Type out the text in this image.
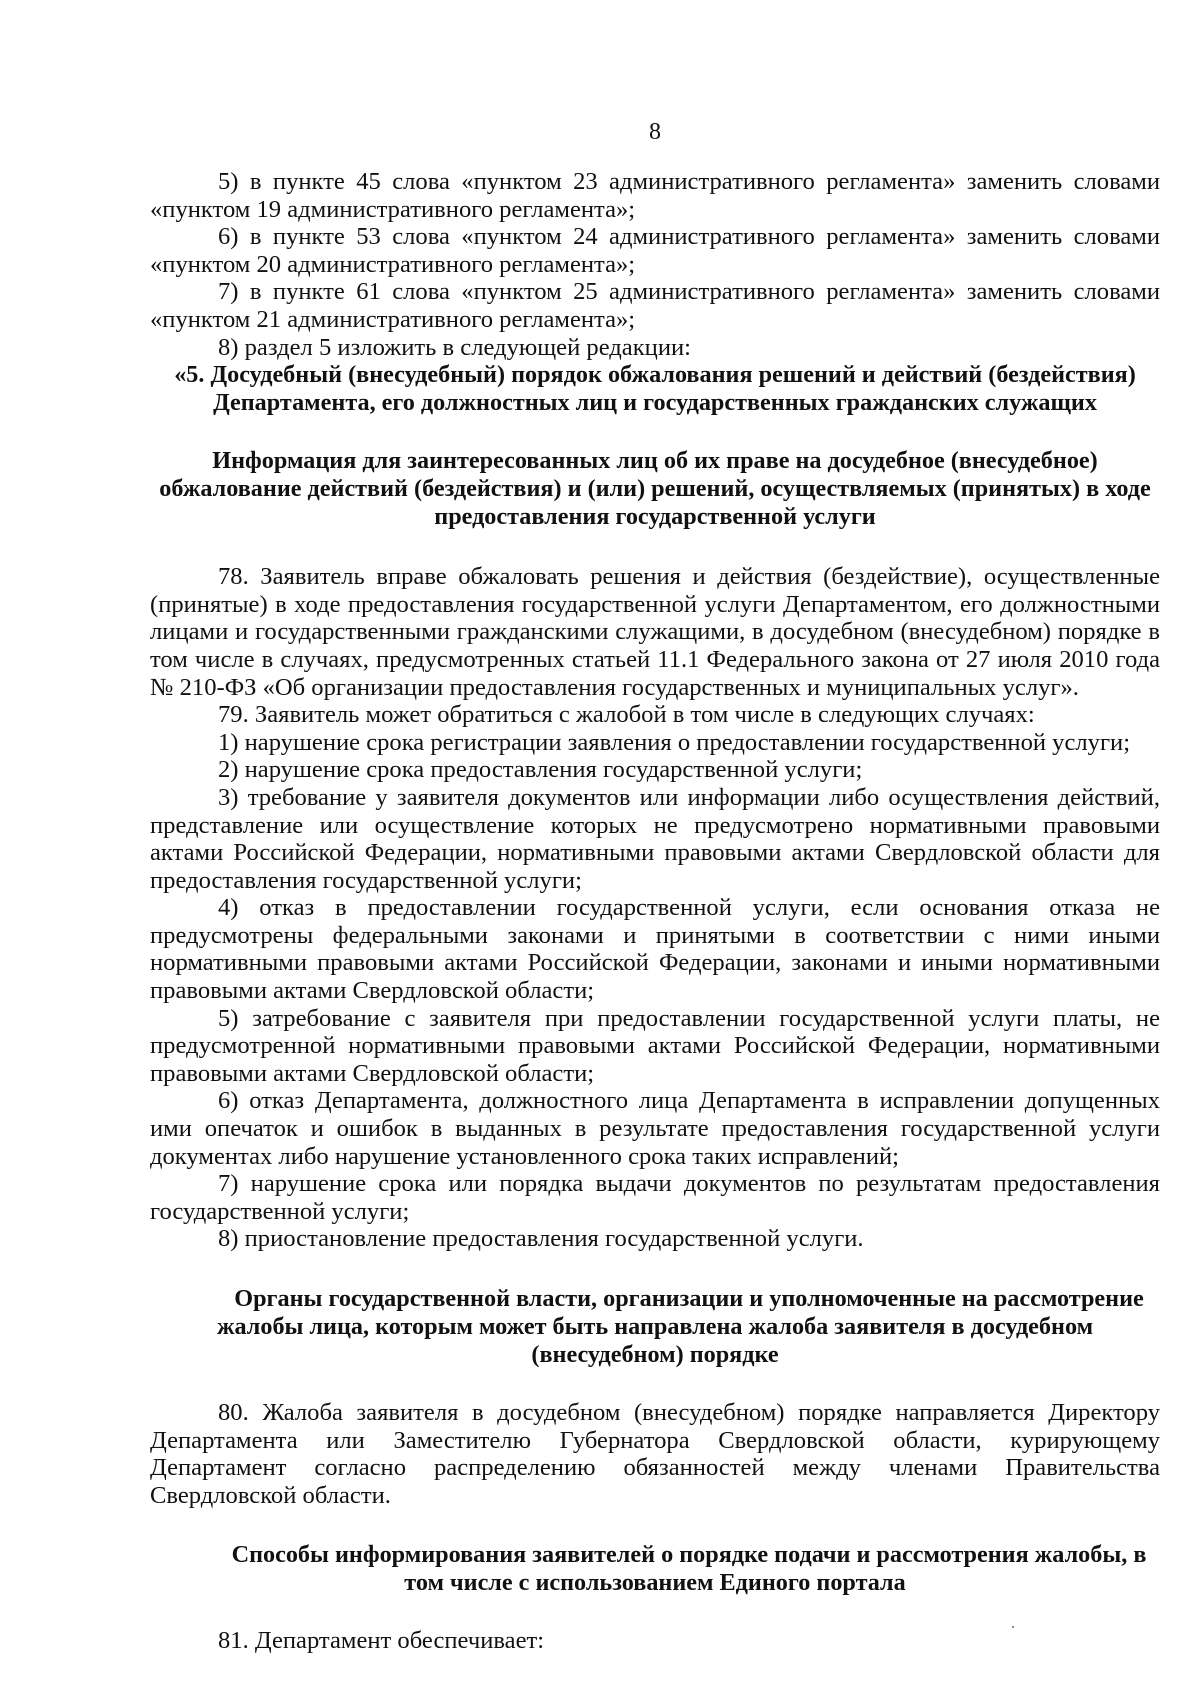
8

5) в пункте 45 слова «пунктом 23 административного регламента» заменить словами «пунктом 19 административного регламента»;

6) в пункте 53 слова «пунктом 24 административного регламента» заменить словами «пунктом 20 административного регламента»;

7) в пункте 61 слова «пунктом 25 административного регламента» заменить словами «пунктом 21 административного регламента»;

8) раздел 5 изложить в следующей редакции:

«5. Досудебный (внесудебный) порядок обжалования решений и действий (бездействия) Департамента, его должностных лиц и государственных гражданских служащих
Информация для заинтересованных лиц об их праве на досудебное (внесудебное) обжалование действий (бездействия) и (или) решений, осуществляемых (принятых) в ходе предоставления государственной услуги

78. Заявитель вправе обжаловать решения и действия (бездействие), осуществленные (принятые) в ходе предоставления государственной услуги Департаментом, его должностными лицами и государственными гражданскими служащими, в досудебном (внесудебном) порядке в том числе в случаях, предусмотренных статьей 11.1 Федерального закона от 27 июля 2010 года № 210-ФЗ «Об организации предоставления государственных и муниципальных услуг».

79. Заявитель может обратиться с жалобой в том числе в следующих случаях:

1) нарушение срока регистрации заявления о предоставлении государственной услуги;

2) нарушение срока предоставления государственной услуги;

3) требование у заявителя документов или информации либо осуществления действий, представление или осуществление которых не предусмотрено нормативными правовыми актами Российской Федерации, нормативными правовыми актами Свердловской области для предоставления государственной услуги;

4) отказ в предоставлении государственной услуги, если основания отказа не предусмотрены федеральными законами и принятыми в соответствии с ними иными нормативными правовыми актами Российской Федерации, законами и иными нормативными правовыми актами Свердловской области;

5) затребование с заявителя при предоставлении государственной услуги платы, не предусмотренной нормативными правовыми актами Российской Федерации, нормативными правовыми актами Свердловской области;

6) отказ Департамента, должностного лица Департамента в исправлении допущенных ими опечаток и ошибок в выданных в результате предоставления государственной услуги документах либо нарушение установленного срока таких исправлений;

7) нарушение срока или порядка выдачи документов по результатам предоставления государственной услуги;

8) приостановление предоставления государственной услуги.

Органы государственной власти, организации и уполномоченные на рассмотрение жалобы лица, которым может быть направлена жалоба заявителя в досудебном (внесудебном) порядке

80. Жалоба заявителя в досудебном (внесудебном) порядке направляется Директору Департамента или Заместителю Губернатора Свердловской области, курирующему Департамент согласно распределению обязанностей между членами Правительства Свердловской области.

Способы информирования заявителей о порядке подачи и рассмотрения жалобы, в том числе с использованием Единого портала

81. Департамент обеспечивает:
